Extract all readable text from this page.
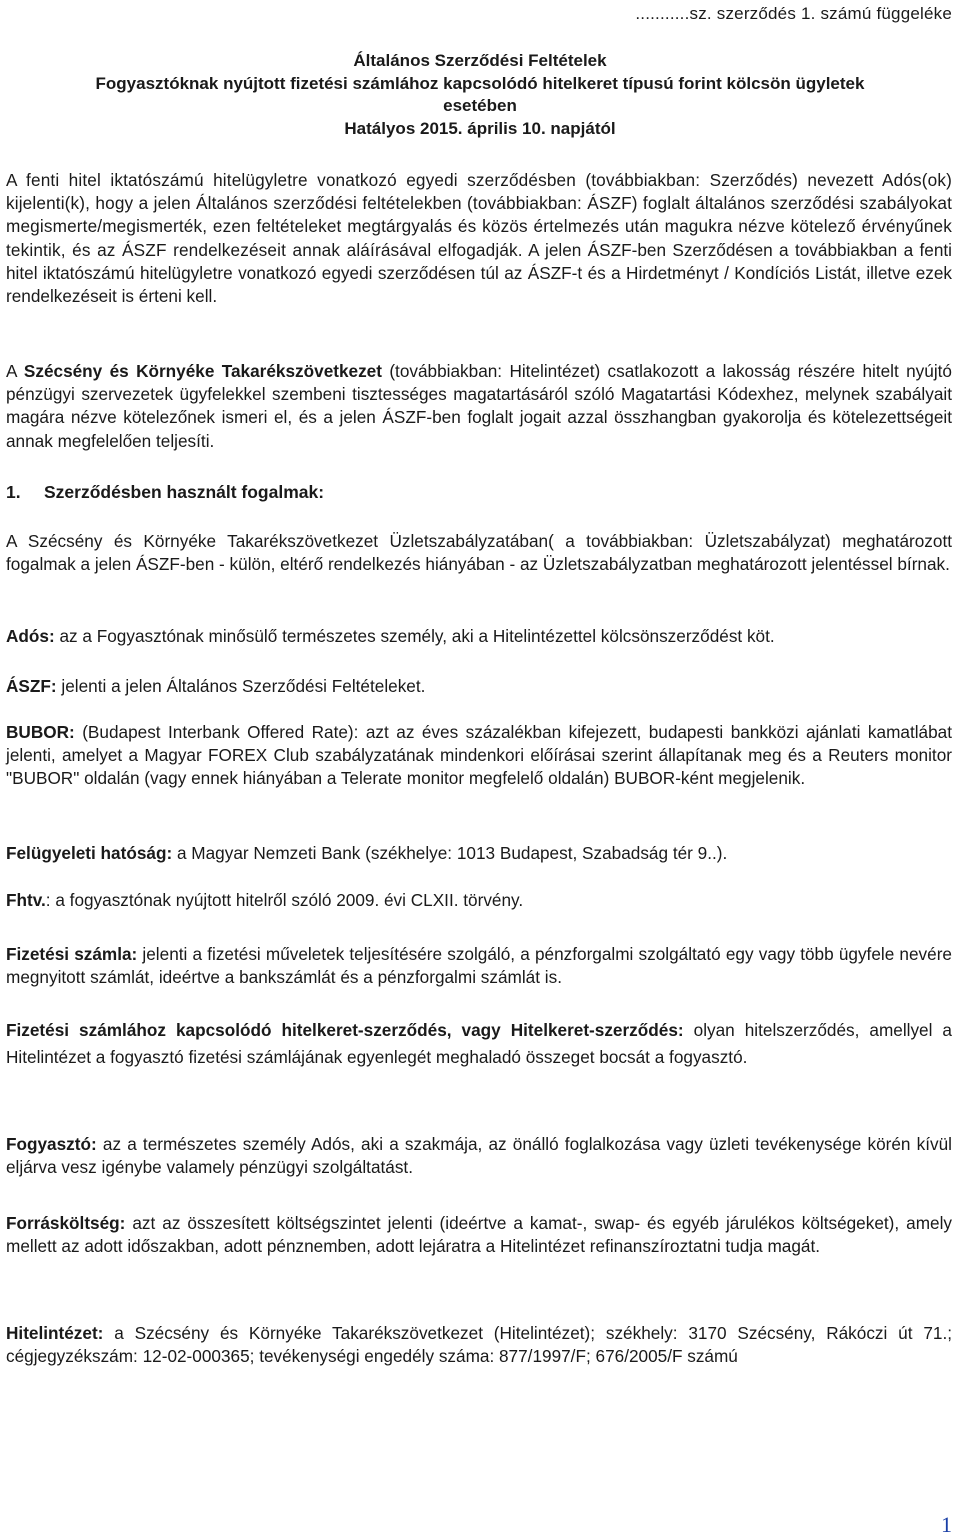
...........sz. szerződés 1. számú függeléke
Általános Szerződési Feltételek
Fogyasztóknak nyújtott fizetési számlához kapcsolódó hitelkeret típusú forint kölcsön ügyletek
esetében
Hatályos 2015. április 10. napjától

A fenti hitel iktatószámú hitelügyletre vonatkozó egyedi szerződésben (továbbiakban: Szerződés) nevezett Adós(ok) kijelenti(k), hogy a jelen Általános szerződési feltételekben (továbbiakban: ÁSZF) foglalt általános szerződési szabályokat megismerte/megismerték, ezen feltételeket megtárgyalás és közös értelmezés után magukra nézve kötelező érvényűnek tekintik, és az ÁSZF rendelkezéseit annak aláírásával elfogadják. A jelen ÁSZF-ben Szerződésen a továbbiakban a fenti hitel iktatószámú hitelügyletre vonatkozó egyedi szerződésen túl az ÁSZF-t és a Hirdetményt / Kondíciós Listát, illetve ezek rendelkezéseit is érteni kell.

A Szécsény és Környéke Takarékszövetkezet (továbbiakban: Hitelintézet) csatlakozott a lakosság részére hitelt nyújtó pénzügyi szervezetek ügyfelekkel szembeni tisztességes magatartásáról szóló Magatartási Kódexhez, melynek szabályait magára nézve kötelezőnek ismeri el, és a jelen ÁSZF-ben foglalt jogait azzal összhangban gyakorolja és kötelezettségeit annak megfelelően teljesíti.

1. Szerződésben használt fogalmak:

A Szécsény és Környéke Takarékszövetkezet Üzletszabályzatában( a továbbiakban: Üzletszabályzat) meghatározott fogalmak a jelen ÁSZF-ben - külön, eltérő rendelkezés hiányában - az Üzletszabályzatban meghatározott jelentéssel bírnak.

Adós: az a Fogyasztónak minősülő természetes személy, aki a Hitelintézettel kölcsönszerződést köt.

ÁSZF: jelenti a jelen Általános Szerződési Feltételeket.

BUBOR: (Budapest Interbank Offered Rate): azt az éves százalékban kifejezett, budapesti bankközi ajánlati kamatlábat jelenti, amelyet a Magyar FOREX Club szabályzatának mindenkori előírásai szerint állapítanak meg és a Reuters monitor "BUBOR" oldalán (vagy ennek hiányában a Telerate monitor megfelelő oldalán) BUBOR-ként megjelenik.

Felügyeleti hatóság: a Magyar Nemzeti Bank (székhelye: 1013 Budapest, Szabadság tér 9..).

Fhtv.: a fogyasztónak nyújtott hitelről szóló 2009. évi CLXII. törvény.

Fizetési számla: jelenti a fizetési műveletek teljesítésére szolgáló, a pénzforgalmi szolgáltató egy vagy több ügyfele nevére megnyitott számlát, ideértve a bankszámlát és a pénzforgalmi számlát is.

Fizetési számlához kapcsolódó hitelkeret-szerződés, vagy Hitelkeret-szerződés: olyan hitelszerződés, amellyel a Hitelintézet a fogyasztó fizetési számlájának egyenlegét meghaladó összeget bocsát a fogyasztó.

Fogyasztó: az a természetes személy Adós, aki a szakmája, az önálló foglalkozása vagy üzleti tevékenysége körén kívül eljárva vesz igénybe valamely pénzügyi szolgáltatást.

Forrásköltség: azt az összesített költségszintet jelenti (ideértve a kamat-, swap- és egyéb járulékos költségeket), amely mellett az adott időszakban, adott pénznemben, adott lejáratra a Hitelintézet refinanszíroztatni tudja magát.

Hitelintézet: a Szécsény és Környéke Takarékszövetkezet (Hitelintézet); székhely: 3170 Szécsény, Rákóczi út 71.; cégjegyzékszám: 12-02-000365; tevékenységi engedély száma: 877/1997/F; 676/2005/F számú

1
